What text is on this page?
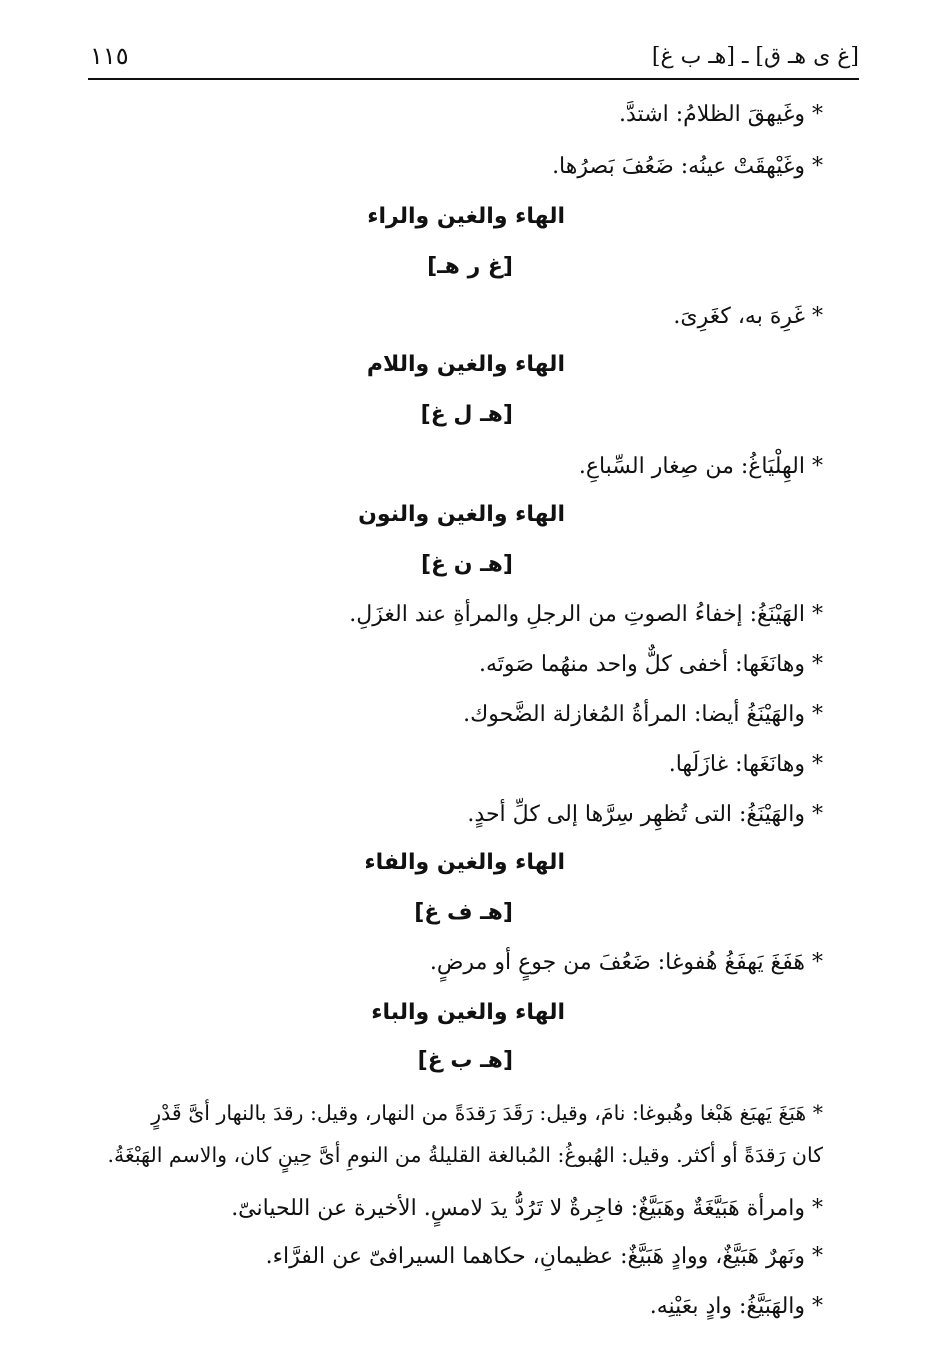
[غ ى هـ ق] ـ [هـ ب غ]
١١٥
* وغَيهقَ الظلامُ: اشتدَّ.
* وغَيْهقَتْ عينُه: ضَعُفَ بَصرُها.
الهاء والغين والراء
[غ ر هـ]
* غَرِهَ به، كغَرِىَ.
الهاء والغين واللام
[هـ ل غ]
* الهِلْيَاغُ: من صِغار السِّباعِ.
الهاء والغين والنون
[هـ ن غ]
* الهَيْنَغُ: إخفاءُ الصوتِ من الرجلِ والمرأةِ عند الغزَلِ.
* وهانَغَها: أخفى كلٌّ واحد منهُما صَوتَه.
* والهَيْنَغُ أيضا: المرأةُ المُغازلة الضَّحوك.
* وهانَغَها: غازَلَها.
* والهَيْنَغُ: التى تُظهِر سِرَّها إلى كلِّ أحدٍ.
الهاء والغين والفاء
[هـ ف غ]
* هَفَغَ يَهفَغُ هُفوغا: ضَعُفَ من جوعٍ أو مرضٍ.
الهاء والغين والباء
[هـ ب غ]
* هَبَغَ يَهبَغ هَبْغا وهُبوغا: نامَ، وقيل: رَقَدَ رَقدَةً من النهار، وقيل: رقدَ بالنهار أىَّ قَدْرٍ
كان رَقدَةً أو أكثر. وقيل: الهُبوغُ: المُبالغة القليلةُ من النومِ أىَّ حِينٍ كان، والاسم الهَبْغَةُ.
* وامرأة هَبَيَّغَةٌ وهَبَيَّغٌ: فاجِرةٌ لا تَرُدُّ يدَ لامسٍ. الأخيرة عن اللحيانىّ.
* ونَهرٌ هَبَيَّغٌ، ووادٍ هَبَيَّغٌ: عظيمانِ، حكاهما السيرافىّ عن الفرَّاء.
* والهَبَيَّغُ: وادٍ بعَيْنِه.
